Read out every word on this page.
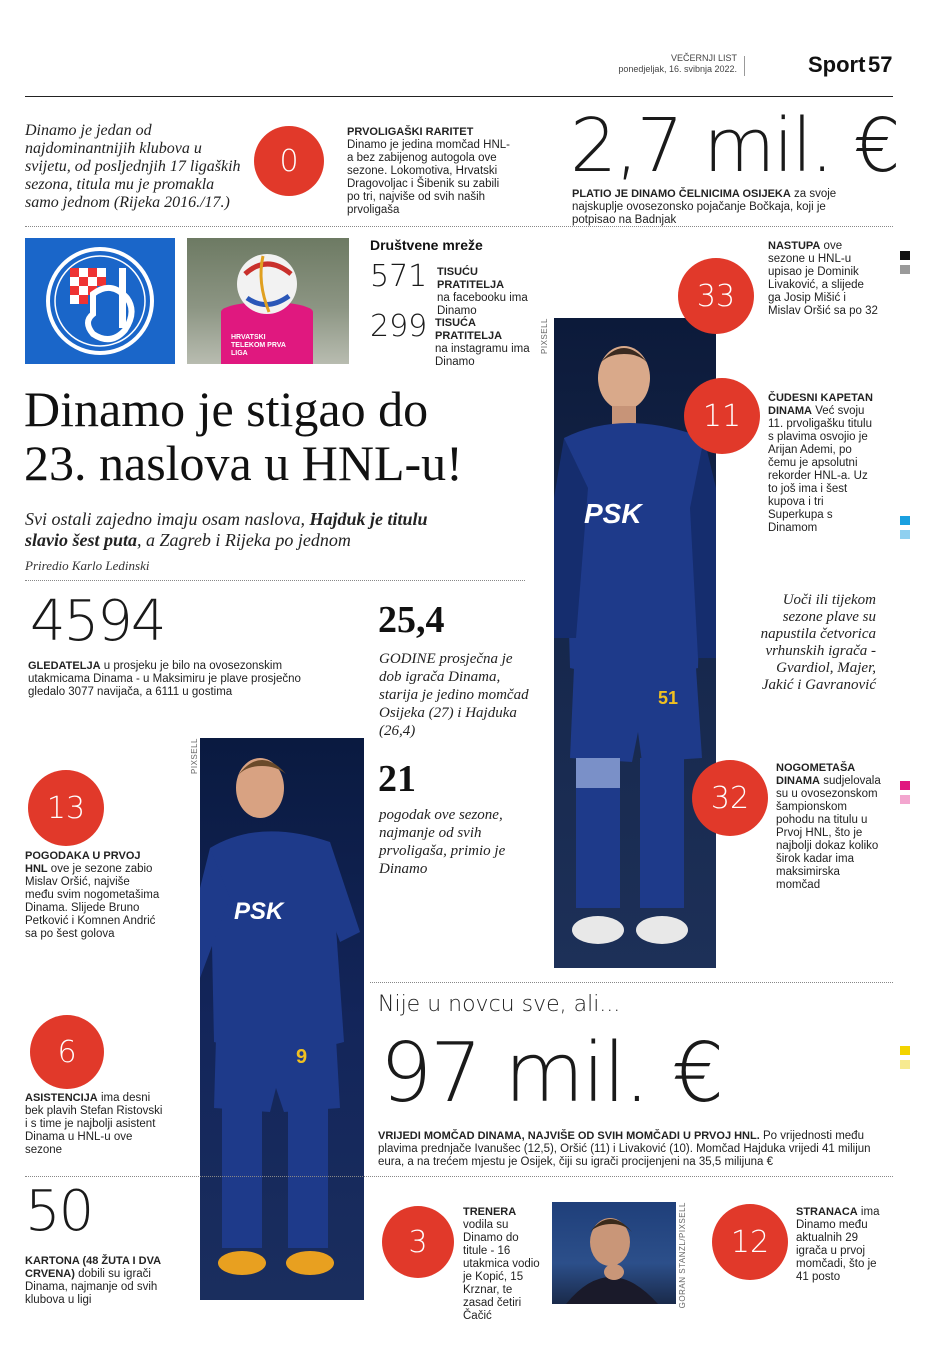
VEČERNJI LIST
ponedjeljak, 16. svibnja 2022.	Sport 57
Dinamo je jedan od najdominantnijih klubova u svijetu, od posljednjih 17 ligaških sezona, titula mu je promakla samo jednom (Rijeka 2016./17.)
0
PRVOLIGAŠKI RARITET Dinamo je jedina momčad HNL-a bez zabijenog autogola ove sezone. Lokomotiva, Hrvatski Dragovoljac i Šibenik su zabili po tri, najviše od svih naših prvoligaša
2,7 mil. €
PLATIO JE DINAMO ČELNICIMA OSIJEKA za svoje najskuplje ovosezonsko pojačanje Bočkaja, koji je potpisao na Badnjak
HRVATSKI TELEKOM PRVA LIGA
Društvene mreže
571 TISUĆU PRATITELJA
na facebooku ima Dinamo
299 TISUĆA PRATITELJA
na instagramu ima Dinamo
PIXSELL
PSK
51
33
NASTUPA ove sezone u HNL-u upisao je Dominik Livaković, a slijede ga Josip Mišić i Mislav Oršić sa po 32
11
ČUDESNI KAPETAN DINAMA Već svoju 11. prvoligašku titulu s plavima osvojio je Arijan Ademi, po čemu je apsolutni rekorder HNL-a. Uz to još ima i šest kupova i tri Superkupa s Dinamom
Dinamo je stigao do
23. naslova u HNL-u!
Svi ostali zajedno imaju osam naslova, Hajduk je titulu slavio šest puta, a Zagreb i Rijeka po jednom
Priredio Karlo Ledinski
4594
GLEDATELJA u prosjeku je bilo na ovosezonskim utakmicama Dinama - u Maksimiru je plave prosječno gledalo 3077 navijača, a 6111 u gostima
25,4
GODINE prosječna je dob igrača Dinama, starija je jedino momčad Osijeka (27) i Hajduka (26,4)
21
pogodak ove sezone, najmanje od svih prvoligaša, primio je Dinamo
Uoči ili tijekom sezone plave su napustila četvorica vrhunskih igrača - Gvardiol, Majer, Jakić i Gavranović
32
NOGOMETAŠA DINAMA sudjelovala su u ovosezonskom šampionskom pohodu na titulu u Prvoj HNL, što je najbolji dokaz koliko širok kadar ima maksimirska momčad
PIXSELL
PSK
9
13
POGODAKA U PRVOJ HNL ove je sezone zabio Mislav Oršić, najviše među svim nogometašima Dinama. Slijede Bruno Petković i Komnen Andrić sa po šest golova
6
ASISTENCIJA ima desni bek plavih Stefan Ristovski i s time je najbolji asistent Dinama u HNL-u ove sezone
Nije u novcu sve, ali...
97 mil. €
VRIJEDI MOMČAD DINAMA, NAJVIŠE OD SVIH MOMČADI U PRVOJ HNL. Po vrijednosti među plavima prednjače Ivanušec (12,5), Oršić (11) i Livaković (10). Momčad Hajduka vrijedi 41 milijun eura, a na trećem mjestu je Osijek, čiji su igrači procijenjeni na 35,5 milijuna €
50
KARTONA (48 ŽUTA I DVA CRVENA) dobili su igrači Dinama, najmanje od svih klubova u ligi
3
TRENERA vodila su Dinamo do titule - 16 utakmica vodio je Kopić, 15 Krznar, te zasad četiri Čačić
GORAN STANZL/PIXSELL 12
STRANACA ima Dinamo među aktualnih 29 igrača u prvoj momčadi, što je 41 posto
